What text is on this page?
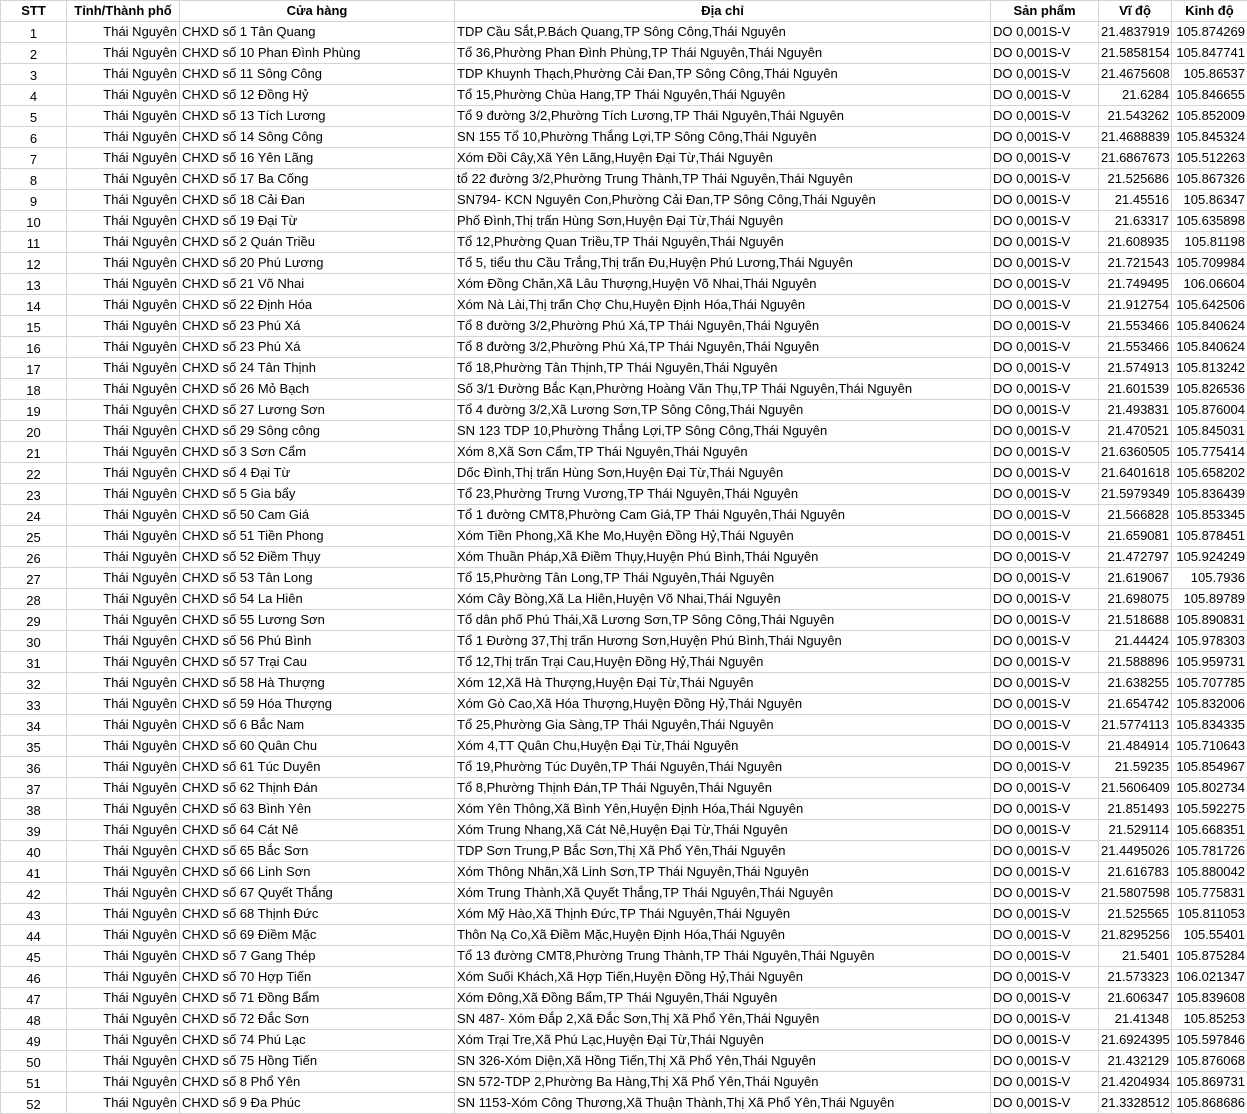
STT	Tỉnh/Thành phố	Cửa hàng	Địa chỉ	Sản phẩm	Vĩ độ	Kinh độ
1	Thái Nguyên	CHXD số 1 Tân Quang	TDP Cầu Sắt,P.Bách Quang,TP Sông Công,Thái Nguyên	DO 0,001S-V	21.4837919	105.874269
2	Thái Nguyên	CHXD số 10 Phan Đình Phùng	Tổ 36,Phường Phan Đình Phùng,TP Thái Nguyên,Thái Nguyên	DO 0,001S-V	21.5858154	105.847741
3	Thái Nguyên	CHXD số 11 Sông Công	TDP Khuynh Thạch,Phường Cải Đan,TP Sông Công,Thái Nguyên	DO 0,001S-V	21.4675608	105.86537
4	Thái Nguyên	CHXD số 12 Đồng Hỷ	Tổ 15,Phường Chùa Hang,TP Thái Nguyên,Thái Nguyên	DO 0,001S-V	21.6284	105.846655
5	Thái Nguyên	CHXD số 13 Tích Lương	Tổ 9 đường 3/2,Phường Tích Lương,TP Thái Nguyên,Thái Nguyên	DO 0,001S-V	21.543262	105.852009
6	Thái Nguyên	CHXD số 14 Sông Công	SN 155 Tổ 10,Phường Thắng Lợi,TP Sông Công,Thái Nguyên	DO 0,001S-V	21.4688839	105.845324
7	Thái Nguyên	CHXD số 16 Yên Lãng	Xóm Đồi Cây,Xã Yên Lãng,Huyện Đại Từ,Thái Nguyên	DO 0,001S-V	21.6867673	105.512263
8	Thái Nguyên	CHXD số 17 Ba Cống	tổ 22 đường 3/2,Phường Trung Thành,TP Thái Nguyên,Thái Nguyên	DO 0,001S-V	21.525686	105.867326
9	Thái Nguyên	CHXD số 18 Cải Đan	SN794- KCN Nguyên Con,Phường Cải Đan,TP Sông Công,Thái Nguyên	DO 0,001S-V	21.45516	105.86347
10	Thái Nguyên	CHXD số 19 Đại Từ	Phố Đình,Thị trấn Hùng Sơn,Huyện Đại Từ,Thái Nguyên	DO 0,001S-V	21.63317	105.635898
11	Thái Nguyên	CHXD số 2 Quán Triều	Tổ 12,Phường Quan Triều,TP Thái Nguyên,Thái Nguyên	DO 0,001S-V	21.608935	105.81198
12	Thái Nguyên	CHXD số 20 Phú Lương	Tổ 5, tiểu thu Cầu Trắng,Thị trấn Đu,Huyện Phú Lương,Thái Nguyên	DO 0,001S-V	21.721543	105.709984
13	Thái Nguyên	CHXD số 21 Võ Nhai	Xóm Đồng Chăn,Xã Lâu Thượng,Huyện Võ Nhai,Thái Nguyên	DO 0,001S-V	21.749495	106.06604
14	Thái Nguyên	CHXD số 22 Định Hóa	Xóm Nà Lài,Thị trấn Chợ Chu,Huyện Định Hóa,Thái Nguyên	DO 0,001S-V	21.912754	105.642506
15	Thái Nguyên	CHXD số 23 Phú Xá	Tổ 8 đường 3/2,Phường Phú Xá,TP Thái Nguyên,Thái Nguyên	DO 0,001S-V	21.553466	105.840624
16	Thái Nguyên	CHXD số 23 Phú Xá	Tổ 8 đường 3/2,Phường Phú Xá,TP Thái Nguyên,Thái Nguyên	DO 0,001S-V	21.553466	105.840624
17	Thái Nguyên	CHXD số 24 Tân Thịnh	Tổ 18,Phường Tân Thịnh,TP Thái Nguyên,Thái Nguyên	DO 0,001S-V	21.574913	105.813242
18	Thái Nguyên	CHXD số 26 Mỏ Bạch	Số 3/1 Đường Bắc Kạn,Phường Hoàng Văn Thụ,TP Thái Nguyên,Thái Nguyên	DO 0,001S-V	21.601539	105.826536
19	Thái Nguyên	CHXD số 27 Lương Sơn	Tổ 4 đường 3/2,Xã Lương Sơn,TP Sông Công,Thái Nguyên	DO 0,001S-V	21.493831	105.876004
20	Thái Nguyên	CHXD số 29 Sông công	SN 123 TDP 10,Phường Thắng Lợi,TP Sông Công,Thái Nguyên	DO 0,001S-V	21.470521	105.845031
21	Thái Nguyên	CHXD số 3 Sơn Cẩm	Xóm 8,Xã Sơn Cẩm,TP Thái Nguyên,Thái Nguyên	DO 0,001S-V	21.6360505	105.775414
22	Thái Nguyên	CHXD số 4 Đại Từ	Dốc Đình,Thị trấn Hùng Sơn,Huyện Đại Từ,Thái Nguyên	DO 0,001S-V	21.6401618	105.658202
23	Thái Nguyên	CHXD số 5 Gia bẩy	Tổ 23,Phường Trưng Vương,TP Thái Nguyên,Thái Nguyên	DO 0,001S-V	21.5979349	105.836439
24	Thái Nguyên	CHXD số 50 Cam Giá	Tổ 1 đường CMT8,Phường Cam Giá,TP Thái Nguyên,Thái Nguyên	DO 0,001S-V	21.566828	105.853345
25	Thái Nguyên	CHXD số 51 Tiền Phong	Xóm Tiền Phong,Xã Khe Mo,Huyện Đồng Hỷ,Thái Nguyên	DO 0,001S-V	21.659081	105.878451
26	Thái Nguyên	CHXD số 52 Điềm Thụy	Xóm Thuần Pháp,Xã Điềm Thụy,Huyện Phú Bình,Thái Nguyên	DO 0,001S-V	21.472797	105.924249
27	Thái Nguyên	CHXD số 53 Tân Long	Tổ 15,Phường Tân Long,TP Thái Nguyên,Thái Nguyên	DO 0,001S-V	21.619067	105.7936
28	Thái Nguyên	CHXD số 54 La Hiên	Xóm Cây Bòng,Xã La Hiên,Huyện Võ Nhai,Thái Nguyên	DO 0,001S-V	21.698075	105.89789
29	Thái Nguyên	CHXD số 55 Lương Sơn	Tổ dân phố Phú Thái,Xã Lương Sơn,TP Sông Công,Thái Nguyên	DO 0,001S-V	21.518688	105.890831
30	Thái Nguyên	CHXD số 56 Phú Bình	Tổ 1 Đường 37,Thị trấn Hương Sơn,Huyện Phú Bình,Thái Nguyên	DO 0,001S-V	21.44424	105.978303
31	Thái Nguyên	CHXD số 57 Trại Cau	Tổ 12,Thị trấn Trại Cau,Huyện Đồng Hỷ,Thái Nguyên	DO 0,001S-V	21.588896	105.959731
32	Thái Nguyên	CHXD số 58 Hà Thượng	Xóm 12,Xã Hà Thượng,Huyện Đại Từ,Thái Nguyên	DO 0,001S-V	21.638255	105.707785
33	Thái Nguyên	CHXD số 59 Hóa Thượng	Xóm Gò Cao,Xã Hóa Thượng,Huyện Đồng Hỷ,Thái Nguyên	DO 0,001S-V	21.654742	105.832006
34	Thái Nguyên	CHXD số 6 Bắc Nam	Tổ 25,Phường Gia Sàng,TP Thái Nguyên,Thái Nguyên	DO 0,001S-V	21.5774113	105.834335
35	Thái Nguyên	CHXD số 60 Quân Chu	Xóm 4,TT Quân Chu,Huyện Đại Từ,Thái Nguyên	DO 0,001S-V	21.484914	105.710643
36	Thái Nguyên	CHXD số 61 Túc Duyên	Tổ 19,Phường Túc Duyên,TP Thái Nguyên,Thái Nguyên	DO 0,001S-V	21.59235	105.854967
37	Thái Nguyên	CHXD số 62 Thịnh Đán	Tổ 8,Phường Thịnh Đán,TP Thái Nguyên,Thái Nguyên	DO 0,001S-V	21.5606409	105.802734
38	Thái Nguyên	CHXD số 63 Bình Yên	Xóm Yên Thông,Xã Bình Yên,Huyện Định Hóa,Thái Nguyên	DO 0,001S-V	21.851493	105.592275
39	Thái Nguyên	CHXD số 64 Cát Nê	Xóm Trung Nhang,Xã Cát Nê,Huyện Đại Từ,Thái Nguyên	DO 0,001S-V	21.529114	105.668351
40	Thái Nguyên	CHXD số 65 Bắc Sơn	TDP Sơn Trung,P Bắc Sơn,Thị Xã Phổ Yên,Thái Nguyên	DO 0,001S-V	21.4495026	105.781726
41	Thái Nguyên	CHXD số 66 Linh Sơn	Xóm Thông Nhãn,Xã Linh Sơn,TP Thái Nguyên,Thái Nguyên	DO 0,001S-V	21.616783	105.880042
42	Thái Nguyên	CHXD số 67 Quyết Thắng	Xóm Trung Thành,Xã Quyết Thắng,TP Thái Nguyên,Thái Nguyên	DO 0,001S-V	21.5807598	105.775831
43	Thái Nguyên	CHXD số 68 Thịnh Đức	Xóm Mỹ Hào,Xã Thịnh Đức,TP Thái Nguyên,Thái Nguyên	DO 0,001S-V	21.525565	105.811053
44	Thái Nguyên	CHXD số 69 Điềm Mặc	Thôn Nạ Co,Xã Điềm Mặc,Huyện Định Hóa,Thái Nguyên	DO 0,001S-V	21.8295256	105.55401
45	Thái Nguyên	CHXD số 7 Gang Thép	Tổ 13 đường CMT8,Phường Trung Thành,TP Thái Nguyên,Thái Nguyên	DO 0,001S-V	21.5401	105.875284
46	Thái Nguyên	CHXD số 70 Hợp Tiến	Xóm Suối Khách,Xã Hợp Tiến,Huyện Đồng Hỷ,Thái Nguyên	DO 0,001S-V	21.573323	106.021347
47	Thái Nguyên	CHXD số 71 Đồng Bẩm	Xóm Đông,Xã Đồng Bẩm,TP Thái Nguyên,Thái Nguyên	DO 0,001S-V	21.606347	105.839608
48	Thái Nguyên	CHXD số 72 Đắc Sơn	SN 487- Xóm Đắp 2,Xã Đắc Sơn,Thị Xã Phổ Yên,Thái Nguyên	DO 0,001S-V	21.41348	105.85253
49	Thái Nguyên	CHXD số 74 Phú Lạc	Xóm Trại Tre,Xã Phú Lạc,Huyện Đại Từ,Thái Nguyên	DO 0,001S-V	21.6924395	105.597846
50	Thái Nguyên	CHXD số 75 Hồng Tiến	SN 326-Xóm Diện,Xã Hồng Tiến,Thị Xã Phổ Yên,Thái Nguyên	DO 0,001S-V	21.432129	105.876068
51	Thái Nguyên	CHXD số 8 Phổ Yên	SN 572-TDP 2,Phường Ba Hàng,Thị Xã Phổ Yên,Thái Nguyên	DO 0,001S-V	21.4204934	105.869731
52	Thái Nguyên	CHXD số 9 Đa Phúc	SN 1153-Xóm Công Thương,Xã Thuận Thành,Thị Xã Phổ Yên,Thái Nguyên	DO 0,001S-V	21.3328512	105.868686
